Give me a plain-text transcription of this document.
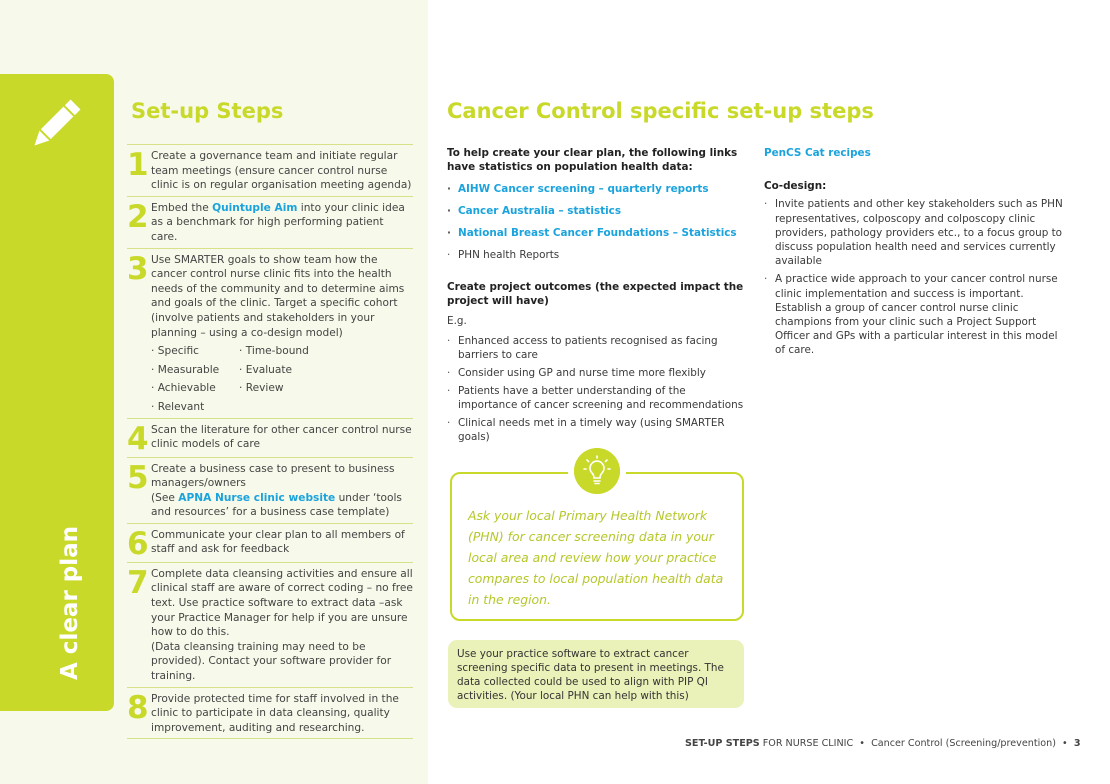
A clear plan
Set-up Steps
1 Create a governance team and initiate regular team meetings (ensure cancer control nurse clinic is on regular organisation meeting agenda)
2 Embed the Quintuple Aim into your clinic idea as a benchmark for high performing patient care.
3 Use SMARTER goals to show team how the cancer control nurse clinic fits into the health needs of the community and to determine aims and goals of the clinic. Target a specific cohort (involve patients and stakeholders in your planning – using a co-design model)
· Specific	· Time-bound
· Measurable	· Evaluate
· Achievable	· Review
· Relevant
4 Scan the literature for other cancer control nurse clinic models of care
5 Create a business case to present to business managers/owners
(See APNA Nurse clinic website under ‘tools and resources’ for a business case template)
6 Communicate your clear plan to all members of staff and ask for feedback
7 Complete data cleansing activities and ensure all clinical staff are aware of correct coding – no free text. Use practice software to extract data –ask your Practice Manager for help if you are unsure how to do this.
(Data cleansing training may need to be provided). Contact your software provider for training.
8 Provide protected time for staff involved in the clinic to participate in data cleansing, quality improvement, auditing and researching.
Cancer Control specific set-up steps
To help create your clear plan, the following links have statistics on population health data:
· AIHW Cancer screening – quarterly reports
· Cancer Australia – statistics
· National Breast Cancer Foundations – Statistics
· PHN health Reports
Create project outcomes (the expected impact the project will have)
E.g.
· Enhanced access to patients recognised as facing barriers to care
· Consider using GP and nurse time more flexibly
· Patients have a better understanding of the importance of cancer screening and recommendations
· Clinical needs met in a timely way (using SMARTER goals)
PenCS Cat recipes
Co-design:
· Invite patients and other key stakeholders such as PHN representatives, colposcopy and colposcopy clinic providers, pathology providers etc., to a focus group to discuss population health need and services currently available
· A practice wide approach to your cancer control nurse clinic implementation and success is important. Establish a group of cancer control nurse clinic champions from your clinic such a Project Support Officer and GPs with a particular interest in this model of care.
Ask your local Primary Health Network (PHN) for cancer screening data in your local area and review how your practice compares to local population health data in the region.
Use your practice software to extract cancer screening specific data to present in meetings. The data collected could be used to align with PIP QI activities. (Your local PHN can help with this)
SET-UP STEPS FOR NURSE CLINIC • Cancer Control (Screening/prevention) • 3
